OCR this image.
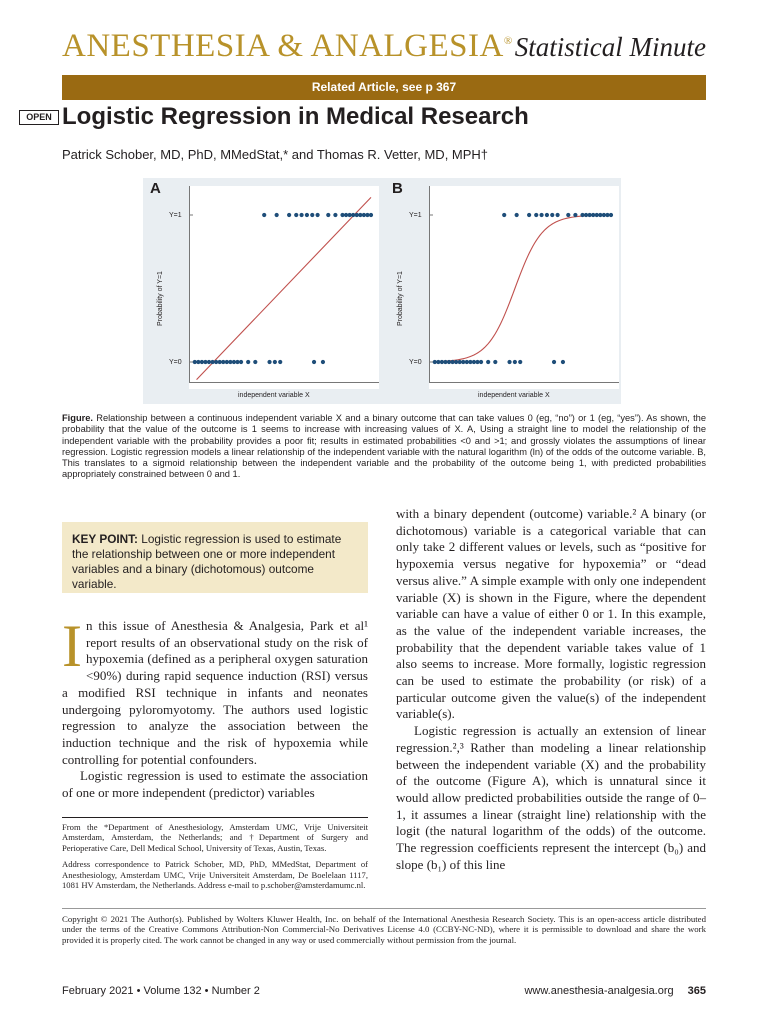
ANESTHESIA & ANALGESIA® Statistical Minute
Related Article, see p 367
OPEN Logistic Regression in Medical Research
Patrick Schober, MD, PhD, MMedStat,* and Thomas R. Vetter, MD, MPH†
A
Y=1
Y=0
Probability of Y=1
independent variable X
B
Y=1
Y=0
Probability of Y=1
independent variable X
Figure. Relationship between a continuous independent variable X and a binary outcome that can take values 0 (eg, “no”) or 1 (eg, “yes”). As shown, the probability that the value of the outcome is 1 seems to increase with increasing values of X. A, Using a straight line to model the relationship of the independent variable with the probability provides a poor fit; results in estimated probabilities <0 and >1; and grossly violates the assumptions of linear regression. Logistic regression models a linear relationship of the independent variable with the natural logarithm (ln) of the odds of the outcome variable. B, This translates to a sigmoid relationship between the independent variable and the probability of the outcome being 1, with predicted probabilities appropriately constrained between 0 and 1.
KEY POINT: Logistic regression is used to estimate the relationship between one or more independent variables and a binary (dichotomous) outcome variable.

In this issue of Anesthesia & Analgesia, Park et al¹ report results of an observational study on the risk of hypoxemia (defined as a peripheral oxygen saturation <90%) during rapid sequence induction (RSI) versus a modified RSI technique in infants and neonates undergoing pyloromyotomy. The authors used logistic regression to analyze the association between the induction technique and the risk of hypoxemia while controlling for potential confounders.

Logistic regression is used to estimate the association of one or more independent (predictor) variables

From the *Department of Anesthesiology, Amsterdam UMC, Vrije Universiteit Amsterdam, Amsterdam, the Netherlands; and †Department of Surgery and Perioperative Care, Dell Medical School, University of Texas, Austin, Texas.
Address correspondence to Patrick Schober, MD, PhD, MMedStat, Department of Anesthesiology, Amsterdam UMC, Vrije Universiteit Amsterdam, De Boelelaan 1117, 1081 HV Amsterdam, the Netherlands. Address e-mail to p.schober@amsterdamumc.nl.

with a binary dependent (outcome) variable.² A binary (or dichotomous) variable is a categorical variable that can only take 2 different values or levels, such as “positive for hypoxemia versus negative for hypoxemia” or “dead versus alive.” A simple example with only one independent variable (X) is shown in the Figure, where the dependent variable can have a value of either 0 or 1. In this example, as the value of the independent variable increases, the probability that the dependent variable takes value of 1 also seems to increase. More formally, logistic regression can be used to estimate the probability (or risk) of a particular outcome given the value(s) of the independent variable(s).

Logistic regression is actually an extension of linear regression.²,³ Rather than modeling a linear relationship between the independent variable (X) and the probability of the outcome (Figure A), which is unnatural since it would allow predicted probabilities outside the range of 0–1, it assumes a linear (straight line) relationship with the logit (the natural logarithm of the odds) of the outcome. The regression coefficients represent the intercept (b₀) and slope (b₁) of this line

Copyright © 2021 The Author(s). Published by Wolters Kluwer Health, Inc. on behalf of the International Anesthesia Research Society. This is an open-access article distributed under the terms of the Creative Commons Attribution-Non Commercial-No Derivatives License 4.0 (CCBY-NC-ND), where it is permissible to download and share the work provided it is properly cited. The work cannot be changed in any way or used commercially without permission from the journal.
February 2021 • Volume 132 • Number 2	www.anesthesia-analgesia.org 365
